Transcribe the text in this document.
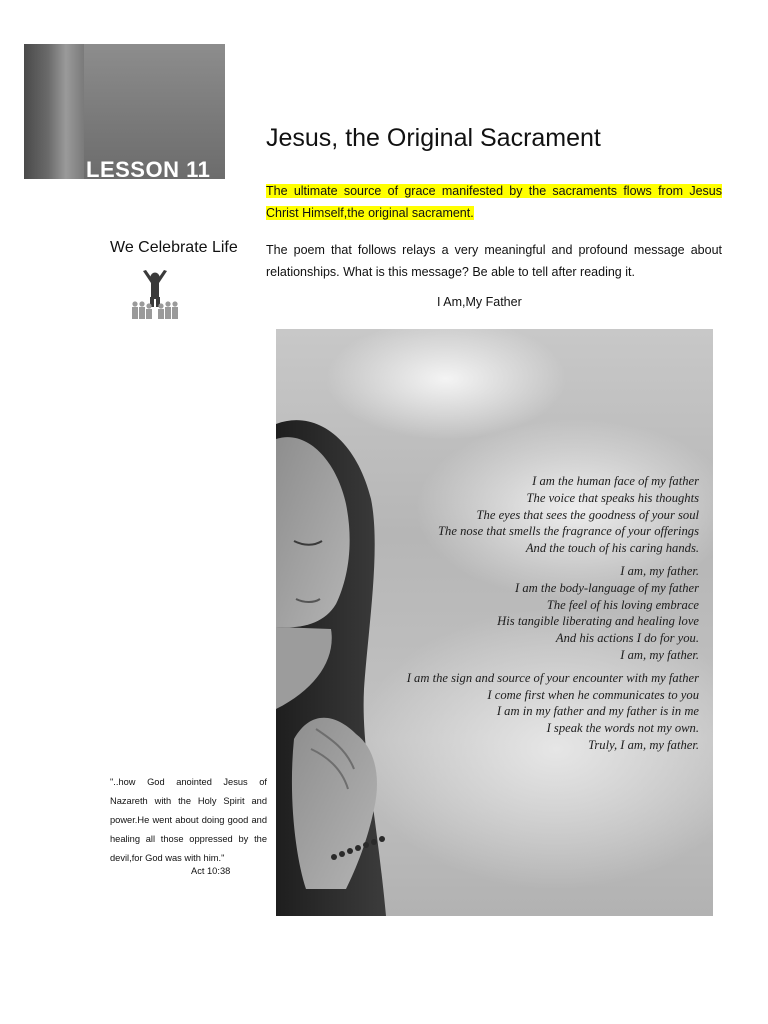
LESSON 11
Jesus, the Original Sacrament
The ultimate source of grace manifested by the sacraments flows from Jesus Christ Himself,the original sacrament.
We Celebrate Life The poem that follows relays a very meaningful and profound message about relationships. What is this message? Be able to tell after reading it.
I Am,My Father
I am the human face of my father
The voice that speaks his thoughts
The eyes that sees the goodness of your soul
The nose that smells the fragrance of your offerings
And the touch of his caring hands.
I am, my father.
I am the body-language of my father
The feel of his loving embrace
His tangible liberating and healing love
And his actions I do for you.
I am, my father.
I am the sign and source of your encounter with my father
I come first when he communicates to you
I am in my father and my father is in me
I speak the words not my own.
Truly, I am, my father.
"..how God anointed Jesus of Nazareth with the Holy Spirit and power.He went about doing good and healing all those oppressed by the devil,for God was with him."
Act 10:38
